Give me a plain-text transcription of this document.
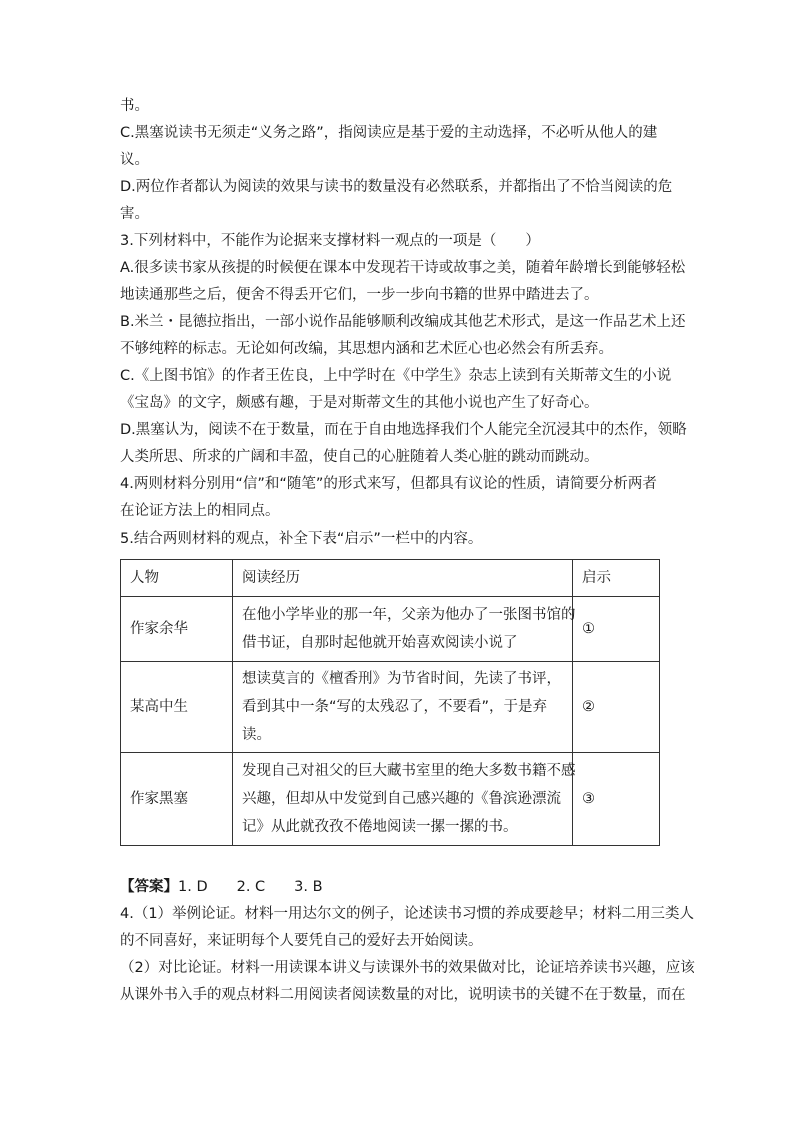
书。
C.黑塞说读书无须走“义务之路”，指阅读应是基于爱的主动选择，不必听从他人的建
议。
D.两位作者都认为阅读的效果与读书的数量没有必然联系，并都指出了不恰当阅读的危
害。
3.下列材料中，不能作为论据来支撑材料一观点的一项是（　　）
A.很多读书家从孩提的时候便在课本中发现若干诗或故事之美，随着年龄增长到能够轻松
地读通那些之后，便舍不得丢开它们，一步一步向书籍的世界中踏进去了。
B.米兰・昆德拉指出，一部小说作品能够顺利改编成其他艺术形式，是这一作品艺术上还
不够纯粹的标志。无论如何改编，其思想内涵和艺术匠心也必然会有所丢弃。
C.《上图书馆》的作者王佐良，上中学时在《中学生》杂志上读到有关斯蒂文生的小说
《宝岛》的文字，颇感有趣，于是对斯蒂文生的其他小说也产生了好奇心。
D.黑塞认为，阅读不在于数量，而在于自由地选择我们个人能完全沉浸其中的杰作，领略
人类所思、所求的广阔和丰盈，使自己的心脏随着人类心脏的跳动而跳动。
4.两则材料分别用“信”和“随笔”的形式来写，但都具有议论的性质，请简要分析两者
在论证方法上的相同点。
5.结合两则材料的观点，补全下表“启示”一栏中的内容。
人物	阅读经历	启示
作家余华	在他小学毕业的那一年，父亲为他办了一张图书馆的
借书证，自那时起他就开始喜欢阅读小说了	①
某高中生	想读莫言的《檀香刑》为节省时间，先读了书评，
看到其中一条“写的太残忍了，不要看”，于是弃
读。	②
作家黑塞	发现自己对祖父的巨大藏书室里的绝大多数书籍不感
兴趣，但却从中发觉到自己感兴趣的《鲁滨逊漂流
记》从此就孜孜不倦地阅读一摞一摞的书。	③
【答案】1. D　　2. C　　3. B
4.（1）举例论证。材料一用达尔文的例子，论述读书习惯的养成要趁早；材料二用三类人
的不同喜好，来证明每个人要凭自己的爱好去开始阅读。
（2）对比论证。材料一用读课本讲义与读课外书的效果做对比，论证培养读书兴趣，应该
从课外书入手的观点材料二用阅读者阅读数量的对比，说明读书的关键不在于数量，而在
